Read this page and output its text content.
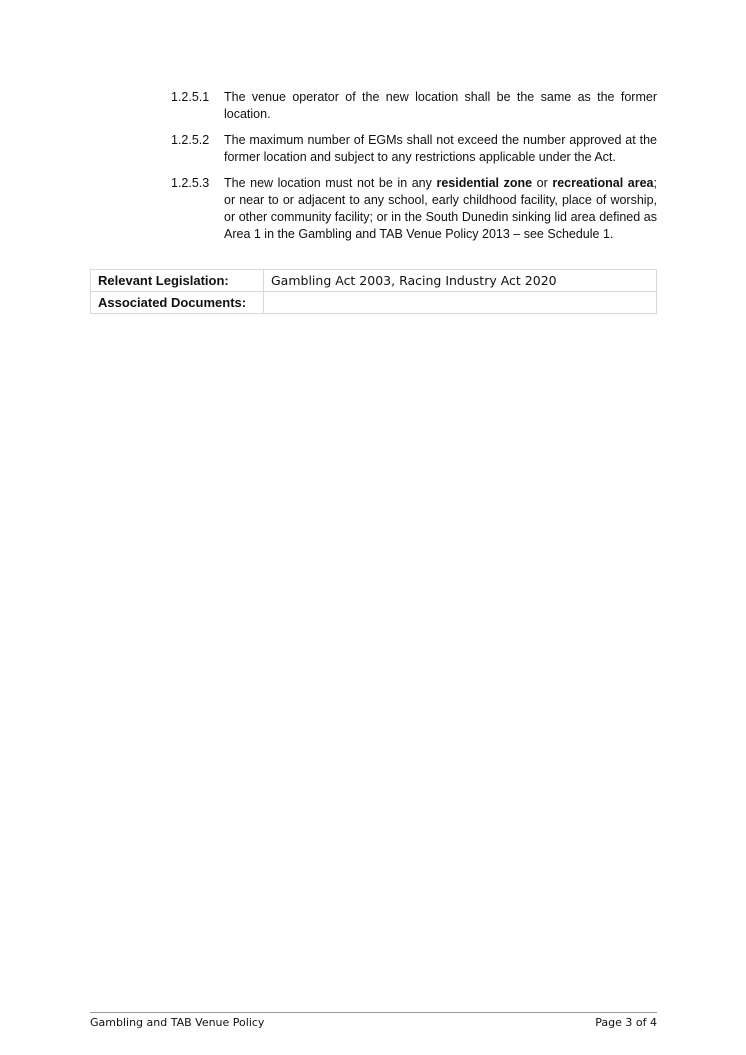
1.2.5.1	The venue operator of the new location shall be the same as the former location.
1.2.5.2	The maximum number of EGMs shall not exceed the number approved at the former location and subject to any restrictions applicable under the Act.
1.2.5.3	The new location must not be in any residential zone or recreational area; or near to or adjacent to any school, early childhood facility, place of worship, or other community facility; or in the South Dunedin sinking lid area defined as Area 1 in the Gambling and TAB Venue Policy 2013 – see Schedule 1.
Relevant Legislation:	Gambling Act 2003, Racing Industry Act 2020
Associated Documents:	
Gambling and TAB Venue Policy	Page 3 of 4
